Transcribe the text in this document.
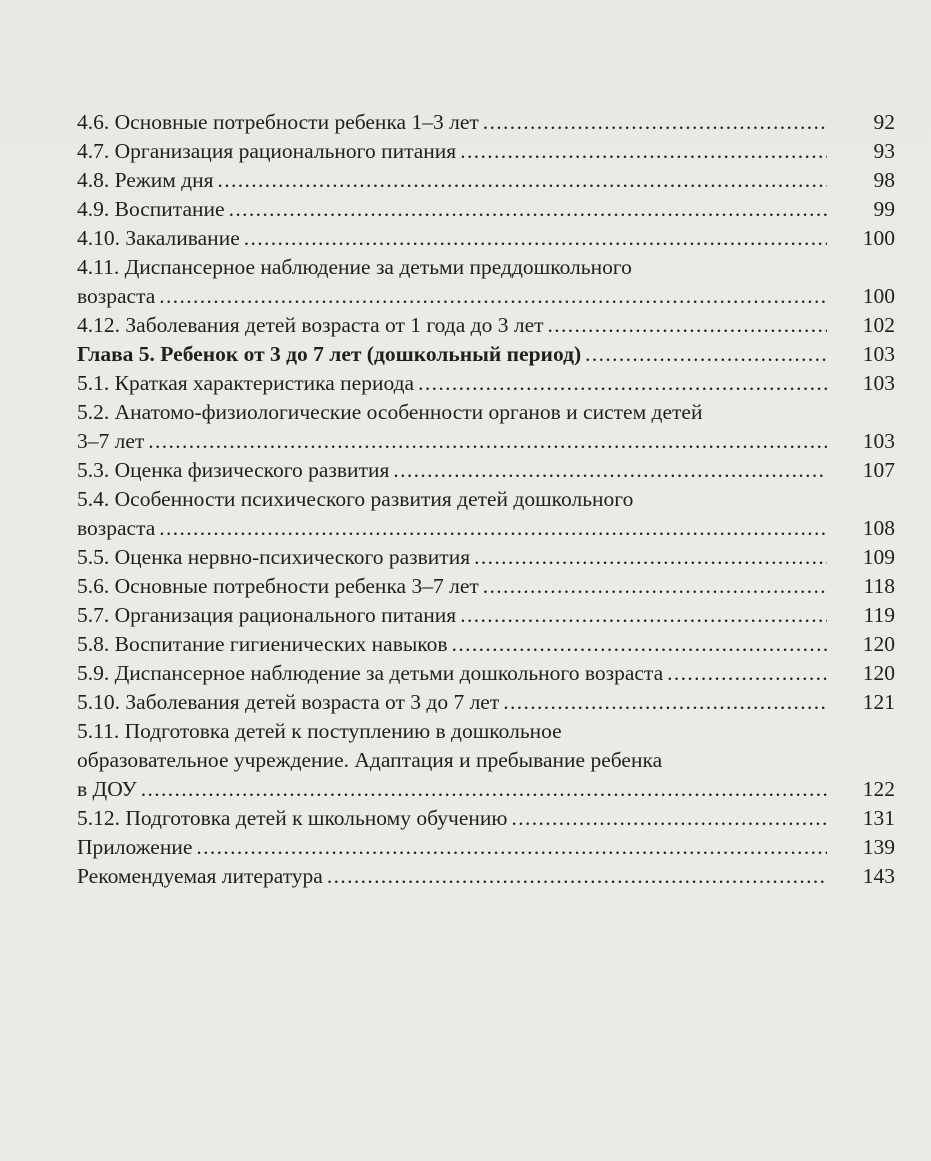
4.6. Основные потребности ребенка 1–3 лет . . .	92
4.7. Организация рационального питания . . .	93
4.8. Режим дня . . .	98
4.9. Воспитание . . .	99
4.10. Закаливание . . .	100
4.11. Диспансерное наблюдение за детьми преддошкольного
возраста . . .	100
4.12. Заболевания детей возраста от 1 года до 3 лет . . .	102
Глава 5. Ребенок от 3 до 7 лет (дошкольный период) . . .	103
5.1. Краткая характеристика периода . . .	103
5.2. Анатомо-физиологические особенности органов и систем детей
3–7 лет . . .	103
5.3. Оценка физического развития . . .	107
5.4. Особенности психического развития детей дошкольного
возраста . . .	108
5.5. Оценка нервно-психического развития . . .	109
5.6. Основные потребности ребенка 3–7 лет . . .	118
5.7. Организация рационального питания . . .	119
5.8. Воспитание гигиенических навыков . . .	120
5.9. Диспансерное наблюдение за детьми дошкольного возраста . . .	120
5.10. Заболевания детей возраста от 3 до 7 лет . . .	121
5.11. Подготовка детей к поступлению в дошкольное
образовательное учреждение. Адаптация и пребывание ребенка
в ДОУ . . .	122
5.12. Подготовка детей к школьному обучению . . .	131
Приложение . . .	139
Рекомендуемая литература . . .	143
